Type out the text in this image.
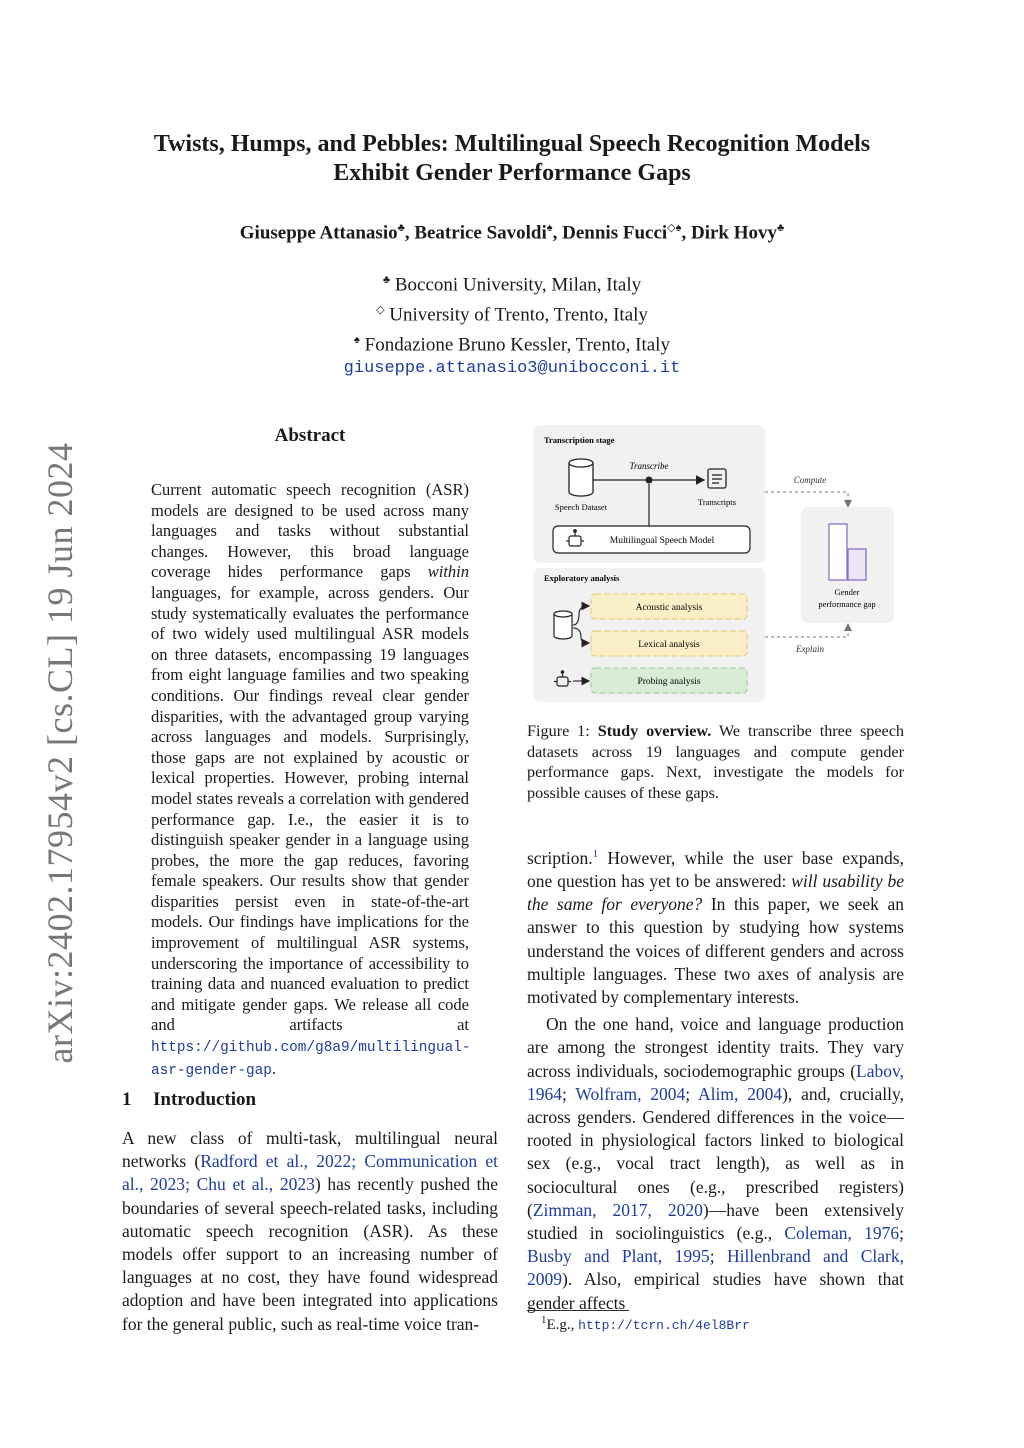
Twists, Humps, and Pebbles: Multilingual Speech Recognition Models
Exhibit Gender Performance Gaps
Giuseppe Attanasio♣, Beatrice Savoldi♠, Dennis Fucci◇♠, Dirk Hovy♣
♣ Bocconi University, Milan, Italy
◇ University of Trento, Trento, Italy
♠ Fondazione Bruno Kessler, Trento, Italy
giuseppe.attanasio3@unibocconi.it
arXiv:2402.17954v2 [cs.CL] 19 Jun 2024
Abstract
Current automatic speech recognition (ASR) models are designed to be used across many languages and tasks without substantial changes. However, this broad language coverage hides performance gaps within languages, for example, across genders. Our study systematically evaluates the performance of two widely used multilingual ASR models on three datasets, encompassing 19 languages from eight language families and two speaking conditions. Our findings reveal clear gender disparities, with the advantaged group varying across languages and models. Surprisingly, those gaps are not explained by acoustic or lexical properties. However, probing internal model states reveals a correlation with gendered performance gap. I.e., the easier it is to distinguish speaker gender in a language using probes, the more the gap reduces, favoring female speakers. Our results show that gender disparities persist even in state-of-the-art models. Our findings have implications for the improvement of multilingual ASR systems, underscoring the importance of accessibility to training data and nuanced evaluation to predict and mitigate gender gaps. We release all code and artifacts at https://github.com/g8a9/multilingual-asr-gender-gap.
1 Introduction
A new class of multi-task, multilingual neural networks (Radford et al., 2022; Communication et al., 2023; Chu et al., 2023) has recently pushed the boundaries of several speech-related tasks, including automatic speech recognition (ASR). As these models offer support to an increasing number of languages at no cost, they have found widespread adoption and have been integrated into applications for the general public, such as real-time voice tran-
Transcription stage
Speech Dataset
Transcribe
Transcripts
Multilingual Speech Model
Exploratory analysis
Acoustic analysis
Lexical analysis
Probing analysis
Compute
Explain
Gender
performance gap
Figure 1: Study overview. We transcribe three speech datasets across 19 languages and compute gender performance gaps. Next, investigate the models for possible causes of these gaps.

scription.$^1$ However, while the user base expands, one question has yet to be answered: will usability be the same for everyone? In this paper, we seek an answer to this question by studying how systems understand the voices of different genders and across multiple languages. These two axes of analysis are motivated by complementary interests.

On the one hand, voice and language production are among the strongest identity traits. They vary across individuals, sociodemographic groups (Labov, 1964; Wolfram, 2004; Alim, 2004), and, crucially, across genders. Gendered differences in the voice—rooted in physiological factors linked to biological sex (e.g., vocal tract length), as well as in sociocultural ones (e.g., prescribed registers) (Zimman, 2017, 2020)—have been extensively studied in sociolinguistics (e.g., Coleman, 1976; Busby and Plant, 1995; Hillenbrand and Clark, 2009). Also, empirical studies have shown that gender affects

$^1$E.g., http://tcrn.ch/4el8Brr
